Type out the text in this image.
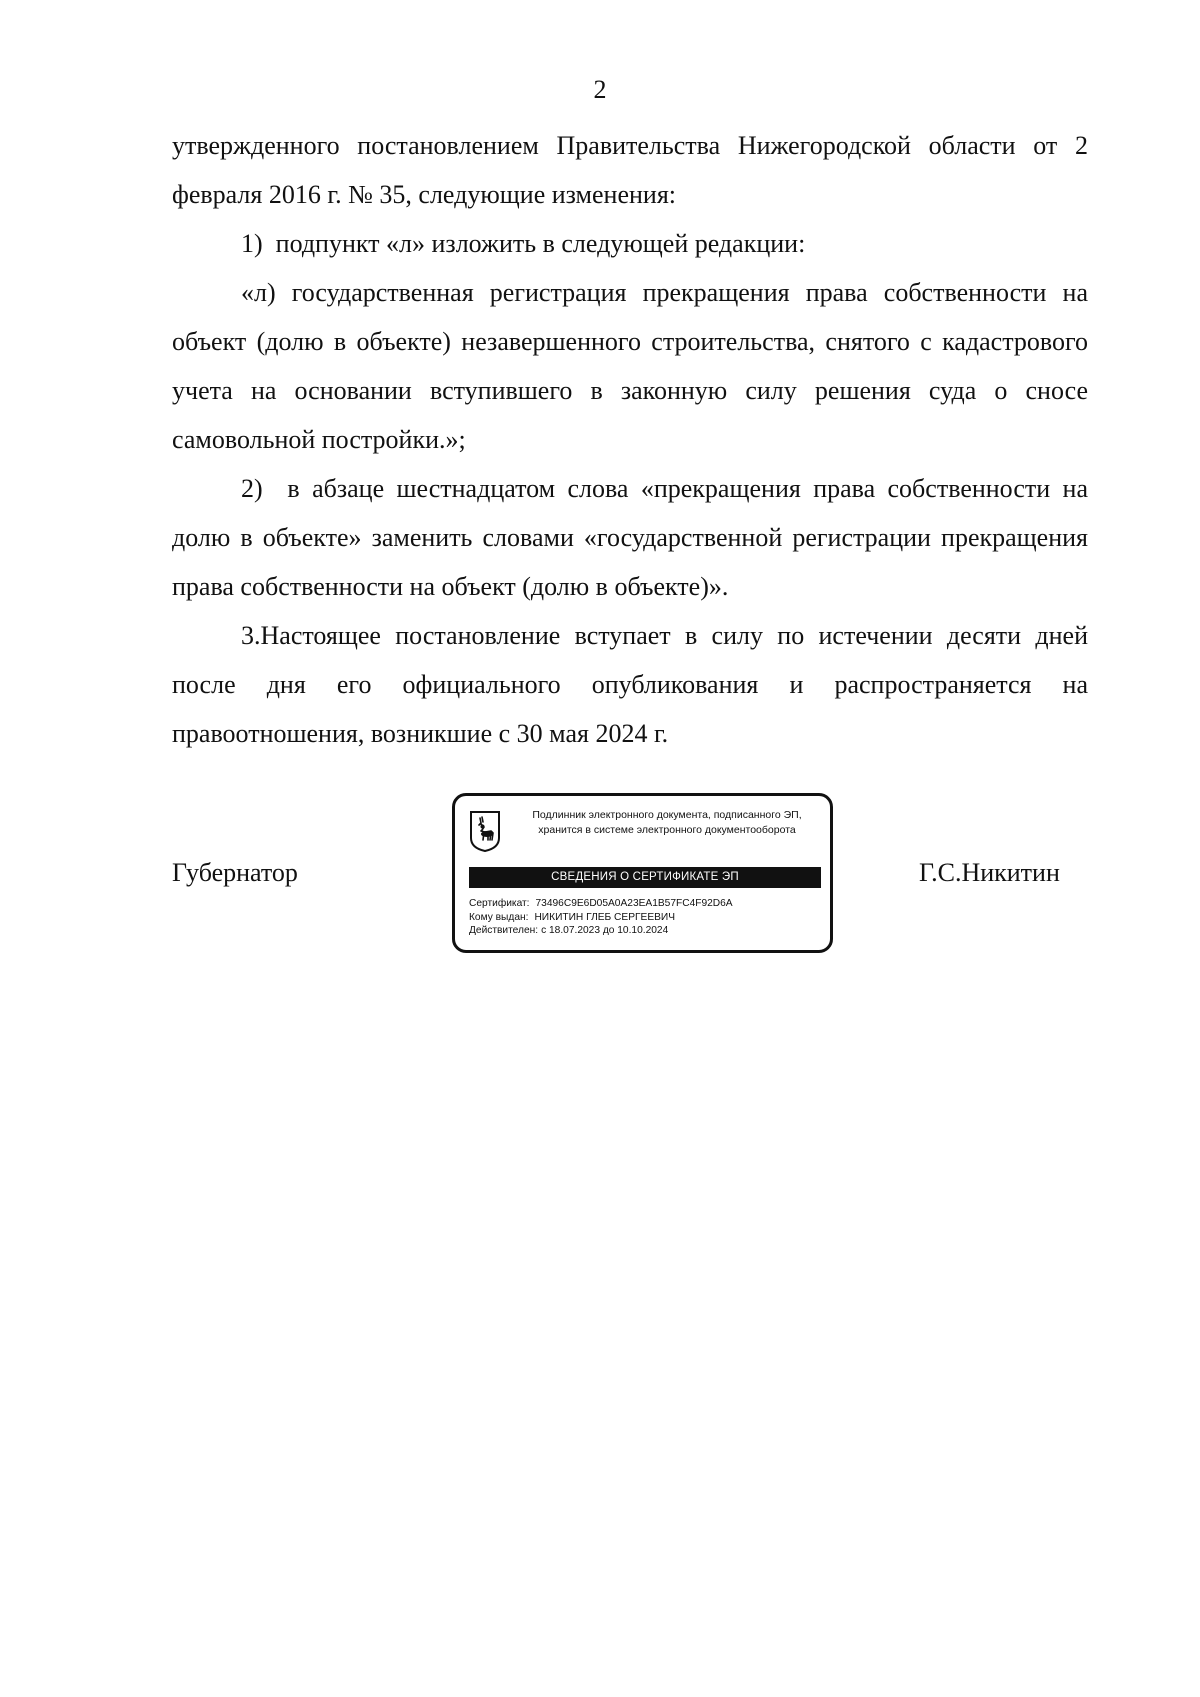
2

утвержденного постановлением Правительства Нижегородской области от 2 февраля 2016 г. № 35, следующие изменения:

1)  подпункт «л» изложить в следующей редакции:

«л) государственная регистрация прекращения права собственности на объект (долю в объекте) незавершенного строительства, снятого с кадастрового учета на основании вступившего в законную силу решения суда о сносе самовольной постройки.»;

2)  в абзаце шестнадцатом слова «прекращения права собственности на долю в объекте» заменить словами «государственной регистрации прекращения права собственности на объект (долю в объекте)».

3.Настоящее постановление вступает в силу по истечении десяти дней после дня его официального опубликования и распространяется на правоотношения, возникшие с 30 мая 2024 г.

Губернатор
Подлинник электронного документа, подписанного ЭП,
хранится в системе электронного документооборота
СВЕДЕНИЯ О СЕРТИФИКАТЕ ЭП
Сертификат: 73496C9E6D05A0A23EA1B57FC4F92D6A
Кому выдан: НИКИТИН ГЛЕБ СЕРГЕЕВИЧ
Действителен: с 18.07.2023 до 10.10.2024
Г.С.Никитин
